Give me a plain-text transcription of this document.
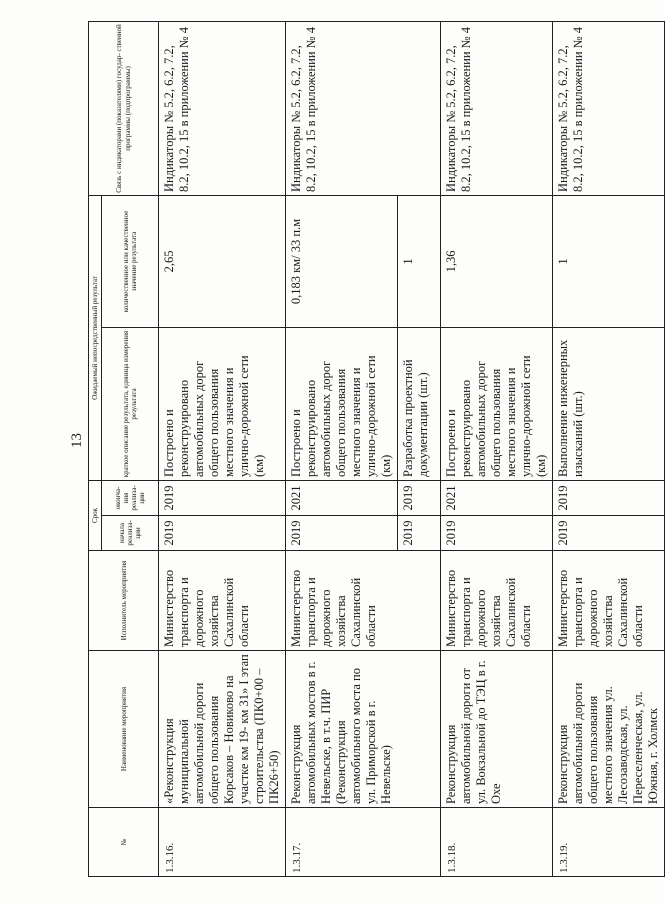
13
№	Наименование мероприятия	Исполнитель мероприятия	Срок		Ожидаемый непосредственный результат		Связь с индикаторами (показателями) государ- ственной программы (подпрограммы)
			начала реализа- ции	оконча- ния реализа- ции	краткое описание результата, единица измерения результата	количественное или качественное значение результата	
1.3.16.	«Реконструкция муниципальной автомобильной дороги общего пользования Корсаков – Новиково на участке км 19- км 31» I этап строительства (ПК0+00 – ПК26+50)	Министерство транспорта и дорожного хозяйства Сахалинской области	2019	2019	Построено и реконструировано автомобильных дорог общего пользования местного значения и улично-дорожной сети (км)	2,65	Индикаторы № 5.2, 6.2, 7.2, 8.2, 10.2, 15 в приложении № 4
1.3.17.	Реконструкция автомобильных мостов в г. Невельске, в т.ч. ПИР (Реконструкция автомобильного моста по ул. Приморской в г. Невельске)	Министерство транспорта и дорожного хозяйства Сахалинской области	2019	2021	Построено и реконструировано автомобильных дорог общего пользования местного значения и улично-дорожной сети (км)	0,183 км/ 33 п.м	Индикаторы № 5.2, 6.2, 7.2, 8.2, 10.2, 15 в приложении № 4
			2019	2019	Разработка проектной документации (шт.)	1	
1.3.18.	Реконструкция автомобильной дороги от ул. Вокзальной до ТЭЦ в г. Охе	Министерство транспорта и дорожного хозяйства Сахалинской области	2019	2021	Построено и реконструировано автомобильных дорог общего пользования местного значения и улично-дорожной сети (км)	1,36	Индикаторы № 5.2, 6.2, 7.2, 8.2, 10.2, 15 в приложении № 4
1.3.19.	Реконструкция автомобильной дороги общего пользования местного значения ул. Лесозаводская, ул. Переселенческая, ул. Южная, г. Холмск	Министерство транспорта и дорожного хозяйства Сахалинской области	2019	2019	Выполнение инженерных изысканий (шт.)	1	Индикаторы № 5.2, 6.2, 7.2, 8.2, 10.2, 15 в приложении № 4
